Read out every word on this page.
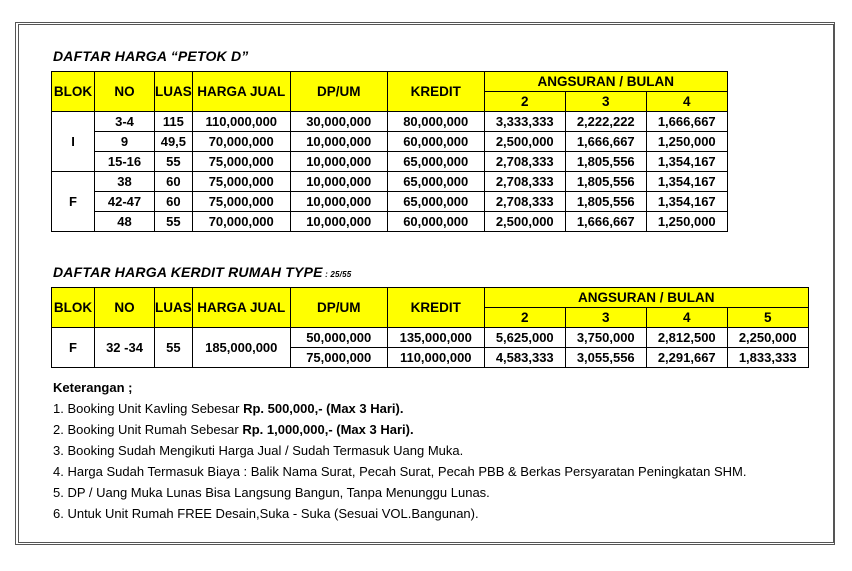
DAFTAR HARGA “PETOK D”
BLOK	NO	LUAS	HARGA JUAL	DP/UM	KREDIT	ANGSURAN / BULAN		
						2	3	4
I	3-4	115	110,000,000	30,000,000	80,000,000	3,333,333	2,222,222	1,666,667
	9	49,5	70,000,000	10,000,000	60,000,000	2,500,000	1,666,667	1,250,000
	15-16	55	75,000,000	10,000,000	65,000,000	2,708,333	1,805,556	1,354,167
F	38	60	75,000,000	10,000,000	65,000,000	2,708,333	1,805,556	1,354,167
	42-47	60	75,000,000	10,000,000	65,000,000	2,708,333	1,805,556	1,354,167
	48	55	70,000,000	10,000,000	60,000,000	2,500,000	1,666,667	1,250,000
DAFTAR HARGA KERDIT RUMAH TYPE : 25/55
BLOK	NO	LUAS	HARGA JUAL	DP/UM	KREDIT	ANGSURAN / BULAN			
						2	3	4	5
F	32 -34	55	185,000,000	50,000,000	135,000,000	5,625,000	3,750,000	2,812,500	2,250,000
				75,000,000	110,000,000	4,583,333	3,055,556	2,291,667	1,833,333
Keterangan ;
1. Booking Unit Kavling Sebesar Rp. 500,000,- (Max 3 Hari).
2. Booking Unit Rumah Sebesar Rp. 1,000,000,- (Max 3 Hari).
3. Booking Sudah Mengikuti Harga Jual / Sudah Termasuk Uang Muka.
4. Harga Sudah Termasuk Biaya : Balik Nama Surat, Pecah Surat, Pecah PBB & Berkas Persyaratan Peningkatan SHM.
5. DP / Uang Muka Lunas Bisa Langsung Bangun, Tanpa Menunggu Lunas.
6. Untuk Unit Rumah FREE Desain,Suka - Suka (Sesuai VOL.Bangunan).
